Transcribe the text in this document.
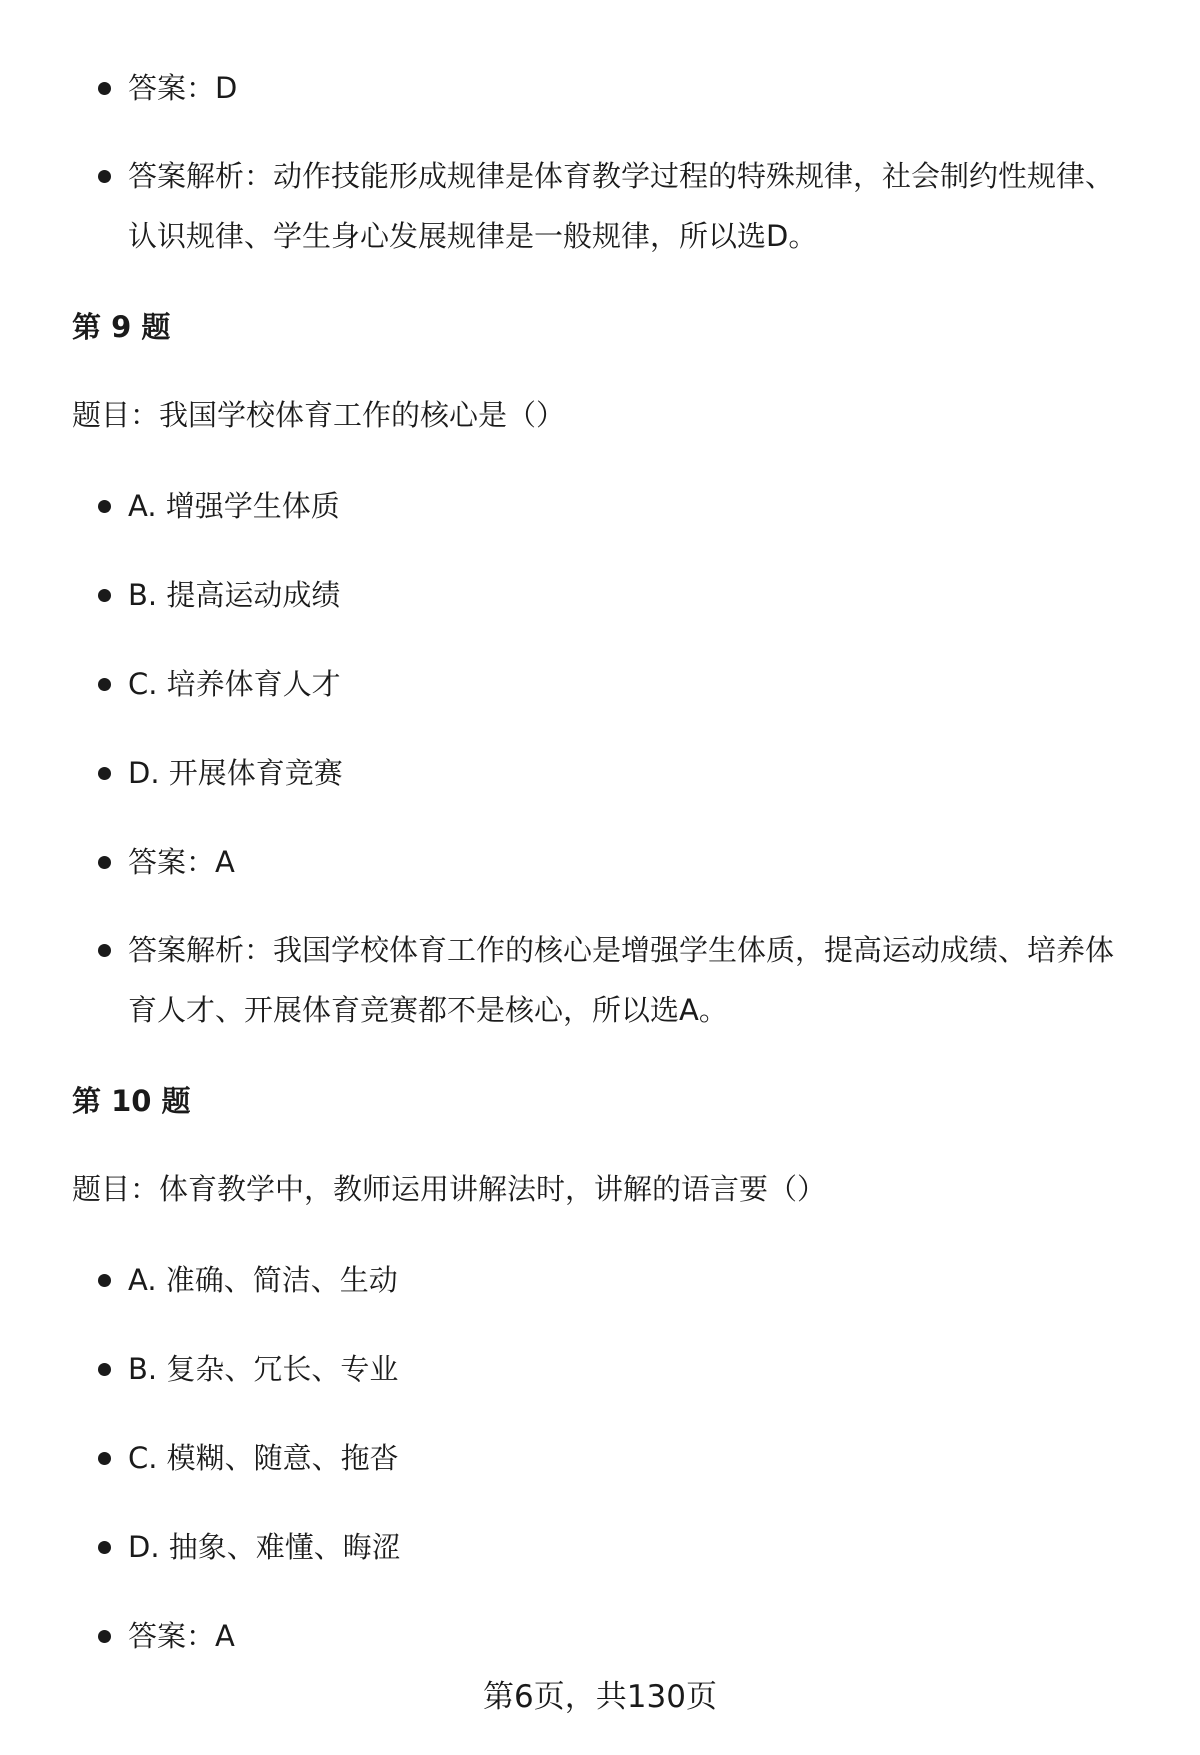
答案：D
答案解析：动作技能形成规律是体育教学过程的特殊规律，社会制约性规律、
认识规律、学生身心发展规律是一般规律，所以选D。
第 9 题
题目：我国学校体育工作的核心是（）
A. 增强学生体质
B. 提高运动成绩
C. 培养体育人才
D. 开展体育竞赛
答案：A
答案解析：我国学校体育工作的核心是增强学生体质，提高运动成绩、培养体
育人才、开展体育竞赛都不是核心，所以选A。
第 10 题
题目：体育教学中，教师运用讲解法时，讲解的语言要（）
A. 准确、简洁、生动
B. 复杂、冗长、专业
C. 模糊、随意、拖沓
D. 抽象、难懂、晦涩
答案：A
第6页，共130页
